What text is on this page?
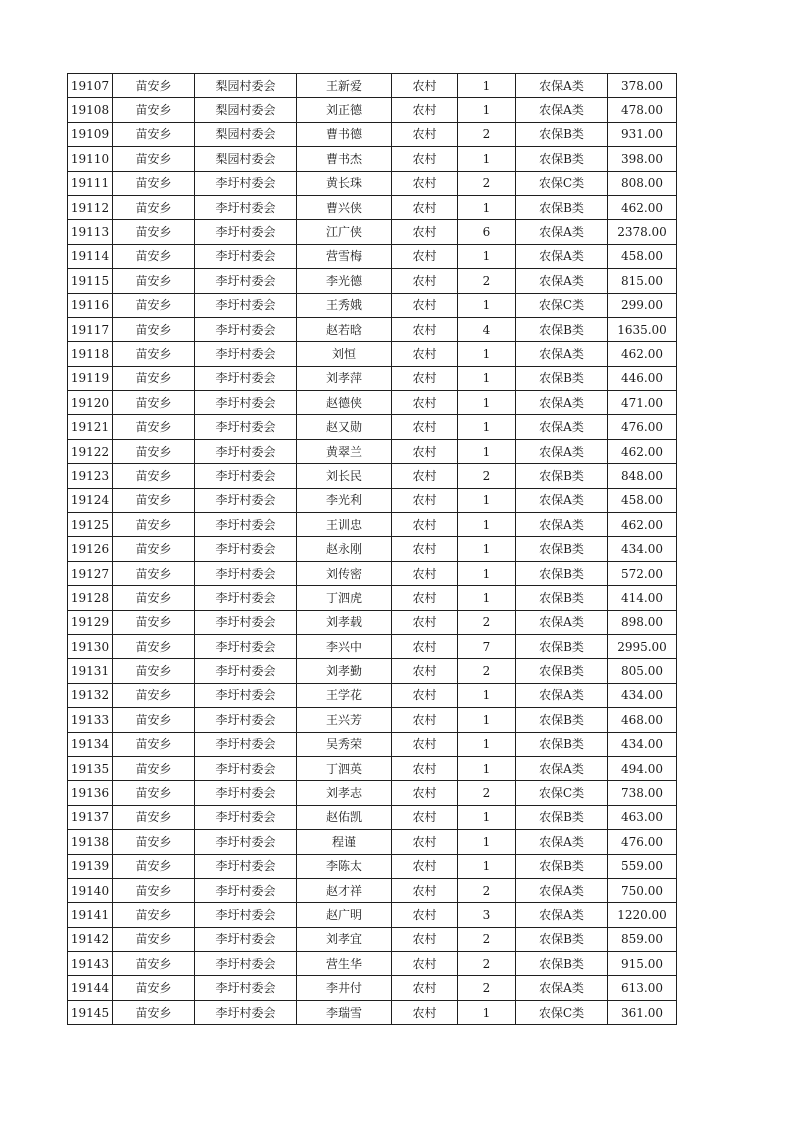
19107	苗安乡	梨园村委会	王新爱	农村	1	农保A类	378.00
19108	苗安乡	梨园村委会	刘正德	农村	1	农保A类	478.00
19109	苗安乡	梨园村委会	曹书德	农村	2	农保B类	931.00
19110	苗安乡	梨园村委会	曹书杰	农村	1	农保B类	398.00
19111	苗安乡	李圩村委会	黄长珠	农村	2	农保C类	808.00
19112	苗安乡	李圩村委会	曹兴侠	农村	1	农保B类	462.00
19113	苗安乡	李圩村委会	江广侠	农村	6	农保A类	2378.00
19114	苗安乡	李圩村委会	营雪梅	农村	1	农保A类	458.00
19115	苗安乡	李圩村委会	李光德	农村	2	农保A类	815.00
19116	苗安乡	李圩村委会	王秀娥	农村	1	农保C类	299.00
19117	苗安乡	李圩村委会	赵若晗	农村	4	农保B类	1635.00
19118	苗安乡	李圩村委会	刘恒	农村	1	农保A类	462.00
19119	苗安乡	李圩村委会	刘孝萍	农村	1	农保B类	446.00
19120	苗安乡	李圩村委会	赵德侠	农村	1	农保A类	471.00
19121	苗安乡	李圩村委会	赵又勋	农村	1	农保A类	476.00
19122	苗安乡	李圩村委会	黄翠兰	农村	1	农保A类	462.00
19123	苗安乡	李圩村委会	刘长民	农村	2	农保B类	848.00
19124	苗安乡	李圩村委会	李光利	农村	1	农保A类	458.00
19125	苗安乡	李圩村委会	王训忠	农村	1	农保A类	462.00
19126	苗安乡	李圩村委会	赵永刚	农村	1	农保B类	434.00
19127	苗安乡	李圩村委会	刘传密	农村	1	农保B类	572.00
19128	苗安乡	李圩村委会	丁泗虎	农村	1	农保B类	414.00
19129	苗安乡	李圩村委会	刘孝载	农村	2	农保A类	898.00
19130	苗安乡	李圩村委会	李兴中	农村	7	农保B类	2995.00
19131	苗安乡	李圩村委会	刘孝勤	农村	2	农保B类	805.00
19132	苗安乡	李圩村委会	王学花	农村	1	农保A类	434.00
19133	苗安乡	李圩村委会	王兴芳	农村	1	农保B类	468.00
19134	苗安乡	李圩村委会	吴秀荣	农村	1	农保B类	434.00
19135	苗安乡	李圩村委会	丁泗英	农村	1	农保A类	494.00
19136	苗安乡	李圩村委会	刘孝志	农村	2	农保C类	738.00
19137	苗安乡	李圩村委会	赵佑凯	农村	1	农保B类	463.00
19138	苗安乡	李圩村委会	程谨	农村	1	农保A类	476.00
19139	苗安乡	李圩村委会	李陈太	农村	1	农保B类	559.00
19140	苗安乡	李圩村委会	赵才祥	农村	2	农保A类	750.00
19141	苗安乡	李圩村委会	赵广明	农村	3	农保A类	1220.00
19142	苗安乡	李圩村委会	刘孝宜	农村	2	农保B类	859.00
19143	苗安乡	李圩村委会	营生华	农村	2	农保B类	915.00
19144	苗安乡	李圩村委会	李井付	农村	2	农保A类	613.00
19145	苗安乡	李圩村委会	李瑞雪	农村	1	农保C类	361.00
